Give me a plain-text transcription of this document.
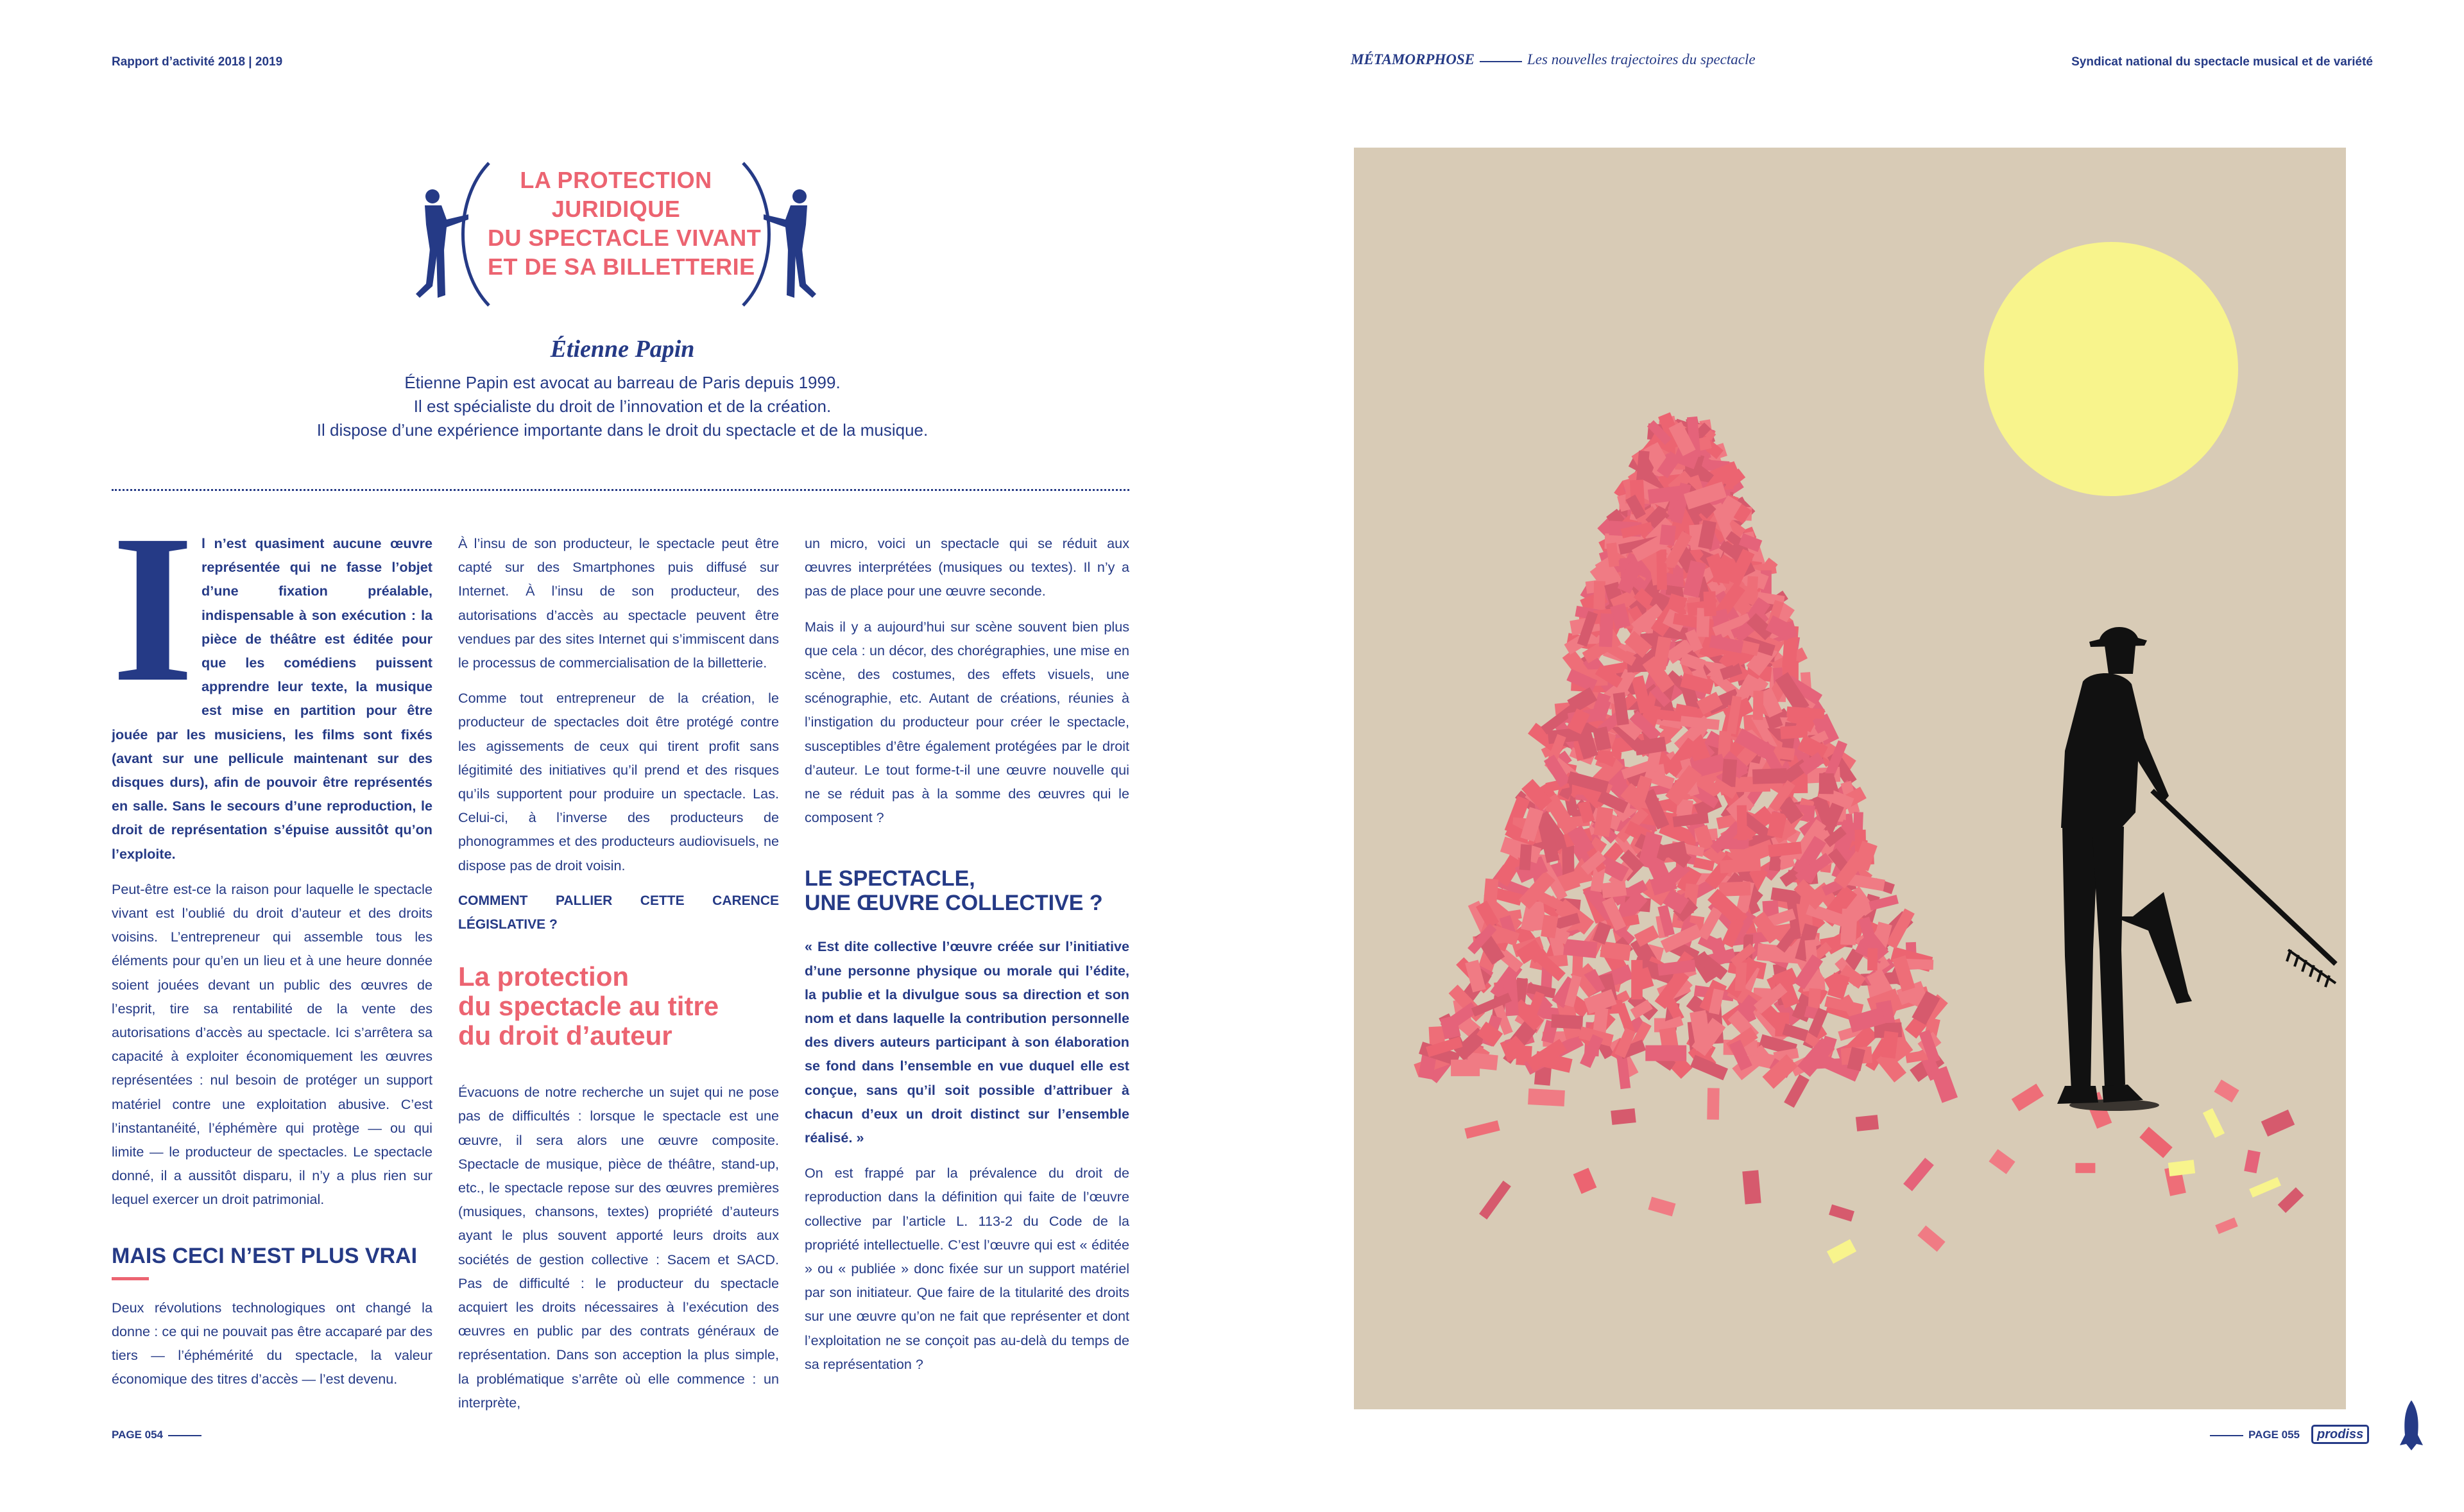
Rapport d’activité 2018 | 2019	MÉTAMORPHOSE	Les nouvelles trajectoires du spectacle	Syndicat national du spectacle musical et de variété
LA PROTECTION
JURIDIQUE
DU SPECTACLE VIVANT
ET DE SA BILLETTERIE
Étienne Papin
Étienne Papin est avocat au barreau de Paris depuis 1999.
Il est spécialiste du droit de l’innovation et de la création.
Il dispose d’une expérience importante dans le droit du spectacle et de la musique.
I l n’est quasiment aucune œuvre représentée qui ne fasse l’objet d’une fixation préalable, indispensable à son exécution : la pièce de théâtre est éditée pour que les comédiens puissent apprendre leur texte, la musique est mise en partition pour être jouée par les musiciens, les films sont fixés (avant sur une pellicule maintenant sur des disques durs), afin de pouvoir être représentés en salle. Sans le secours d’une reproduction, le droit de représentation s’épuise aussitôt qu’on l’exploite.

Peut-être est-ce la raison pour laquelle le spectacle vivant est l’oublié du droit d’auteur et des droits voisins. L’entrepreneur qui assemble tous les éléments pour qu’en un lieu et à une heure donnée soient jouées devant un public des œuvres de l’esprit, tire sa rentabilité de la vente des autorisations d’accès au spectacle. Ici s’arrêtera sa capacité à exploiter économiquement les œuvres représentées : nul besoin de protéger un support matériel contre une exploitation abusive. C’est l’instantanéité, l’éphémère qui protège — ou qui limite — le producteur de spectacles. Le spectacle donné, il a aussitôt disparu, il n’y a plus rien sur lequel exercer un droit patrimonial.

MAIS CECI N’EST PLUS VRAI

Deux révolutions technologiques ont changé la donne : ce qui ne pouvait pas être accaparé par des tiers — l’éphémérité du spectacle, la valeur économique des titres d’accès — l’est devenu.

À l’insu de son producteur, le spectacle peut être capté sur des Smartphones puis diffusé sur Internet. À l’insu de son producteur, des autorisations d’accès au spectacle peuvent être vendues par des sites Internet qui s’immiscent dans le processus de commercialisation de la billetterie.

Comme tout entrepreneur de la création, le producteur de spectacles doit être protégé contre les agissements de ceux qui tirent profit sans légitimité des initiatives qu’il prend et des risques qu’ils supportent pour produire un spectacle. Las. Celui-ci, à l’inverse des producteurs de phonogrammes et des producteurs audiovisuels, ne dispose pas de droit voisin.

COMMENT PALLIER CETTE CARENCE LÉGISLATIVE ?

La protection
du spectacle au titre
du droit d’auteur

Évacuons de notre recherche un sujet qui ne pose pas de difficultés : lorsque le spectacle est une œuvre, il sera alors une œuvre composite. Spectacle de musique, pièce de théâtre, stand-up, etc., le spectacle repose sur des œuvres premières (musiques, chansons, textes) propriété d’auteurs ayant le plus souvent apporté leurs droits aux sociétés de gestion collective : Sacem et SACD. Pas de difficulté : le producteur du spectacle acquiert les droits nécessaires à l’exécution des œuvres en public par des contrats généraux de représentation. Dans son acception la plus simple, la problématique s’arrête où elle commence : un interprète,

un micro, voici un spectacle qui se réduit aux œuvres interprétées (musiques ou textes). Il n’y a pas de place pour une œuvre seconde.

Mais il y a aujourd’hui sur scène souvent bien plus que cela : un décor, des chorégraphies, une mise en scène, des costumes, des effets visuels, une scénographie, etc. Autant de créations, réunies à l’instigation du producteur pour créer le spectacle, susceptibles d’être également protégées par le droit d’auteur. Le tout forme-t-il une œuvre nouvelle qui ne se réduit pas à la somme des œuvres qui le composent ?

LE SPECTACLE,
UNE ŒUVRE COLLECTIVE ?

« Est dite collective l’œuvre créée sur l’initiative d’une personne physique ou morale qui l’édite, la publie et la divulgue sous sa direction et son nom et dans laquelle la contribution personnelle des divers auteurs participant à son élaboration se fond dans l’ensemble en vue duquel elle est conçue, sans qu’il soit possible d’attribuer à chacun d’eux un droit distinct sur l’ensemble réalisé. »

On est frappé par la prévalence du droit de reproduction dans la définition qui faite de l’œuvre collective par l’article L. 113-2 du Code de la propriété intellectuelle. C’est l’œuvre qui est « éditée » ou « publiée » donc fixée sur un support matériel par son initiateur. Que faire de la titularité des droits sur une œuvre qu’on ne fait que représenter et dont l’exploitation ne se conçoit pas au-delà du temps de sa représentation ?

PAGE 054	PAGE 055	prodiss
